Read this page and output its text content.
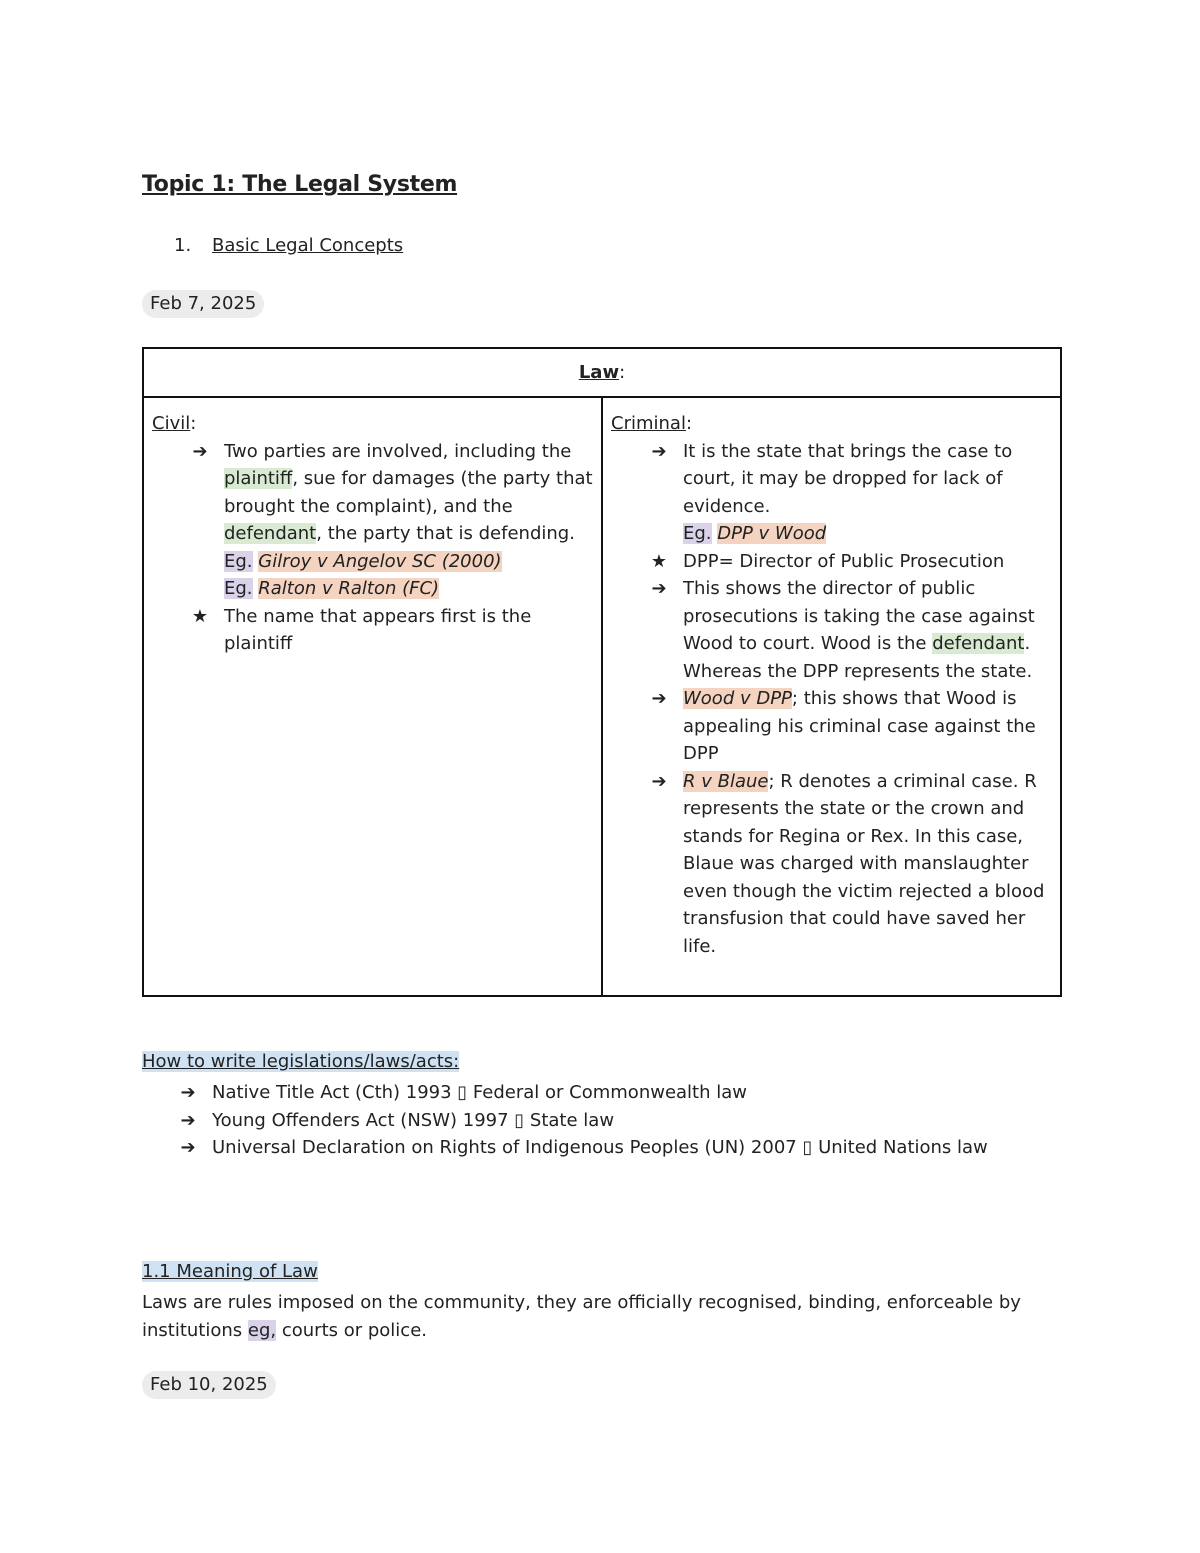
Topic 1: The Legal System
1. Basic Legal Concepts
Feb 7, 2025
Law:
Civil:
➔ Two parties are involved, including the plaintiff, sue for damages (the party that brought the complaint), and the defendant, the party that is defending.
Eg. Gilroy v Angelov SC (2000)
Eg. Ralton v Ralton (FC)
★ The name that appears first is the plaintiff
	Criminal:
➔ It is the state that brings the case to court, it may be dropped for lack of evidence.
Eg. DPP v Wood
★ DPP= Director of Public Prosecution
➔ This shows the director of public prosecutions is taking the case against Wood to court. Wood is the defendant. Whereas the DPP represents the state.
➔ Wood v DPP; this shows that Wood is appealing his criminal case against the DPP
➔ R v Blaue; R denotes a criminal case. R represents the state or the crown and stands for Regina or Rex. In this case, Blaue was charged with manslaughter even though the victim rejected a blood transfusion that could have saved her life.
How to write legislations/laws/acts:
➔ Native Title Act (Cth) 1993 ▯ Federal or Commonwealth law
➔ Young Offenders Act (NSW) 1997 ▯ State law
➔ Universal Declaration on Rights of Indigenous Peoples (UN) 2007 ▯ United Nations law
1.1 Meaning of Law

Laws are rules imposed on the community, they are officially recognised, binding, enforceable by institutions eg, courts or police.

Feb 10, 2025
